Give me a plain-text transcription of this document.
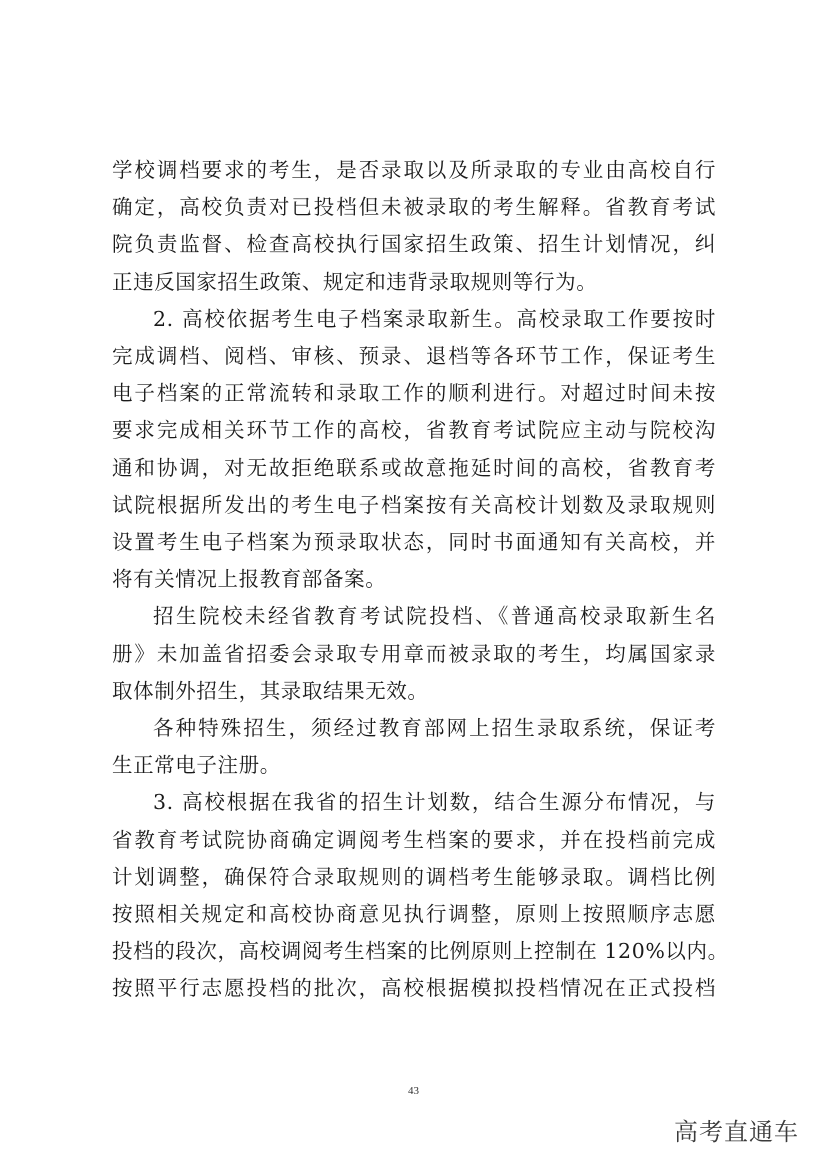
学校调档要求的考生，是否录取以及所录取的专业由高校自行
确定，高校负责对已投档但未被录取的考生解释。省教育考试
院负责监督、检查高校执行国家招生政策、招生计划情况，纠
正违反国家招生政策、规定和违背录取规则等行为。

2. 高校依据考生电子档案录取新生。高校录取工作要按时
完成调档、阅档、审核、预录、退档等各环节工作，保证考生
电子档案的正常流转和录取工作的顺利进行。对超过时间未按
要求完成相关环节工作的高校，省教育考试院应主动与院校沟
通和协调，对无故拒绝联系或故意拖延时间的高校，省教育考
试院根据所发出的考生电子档案按有关高校计划数及录取规则
设置考生电子档案为预录取状态，同时书面通知有关高校，并
将有关情况上报教育部备案。

招生院校未经省教育考试院投档、《普通高校录取新生名
册》未加盖省招委会录取专用章而被录取的考生，均属国家录
取体制外招生，其录取结果无效。

各种特殊招生，须经过教育部网上招生录取系统，保证考
生正常电子注册。

3. 高校根据在我省的招生计划数，结合生源分布情况，与
省教育考试院协商确定调阅考生档案的要求，并在投档前完成
计划调整，确保符合录取规则的调档考生能够录取。调档比例
按照相关规定和高校协商意见执行调整，原则上按照顺序志愿
投档的段次，高校调阅考生档案的比例原则上控制在 120%以内。
按照平行志愿投档的批次，高校根据模拟投档情况在正式投档

43
高考直通车
